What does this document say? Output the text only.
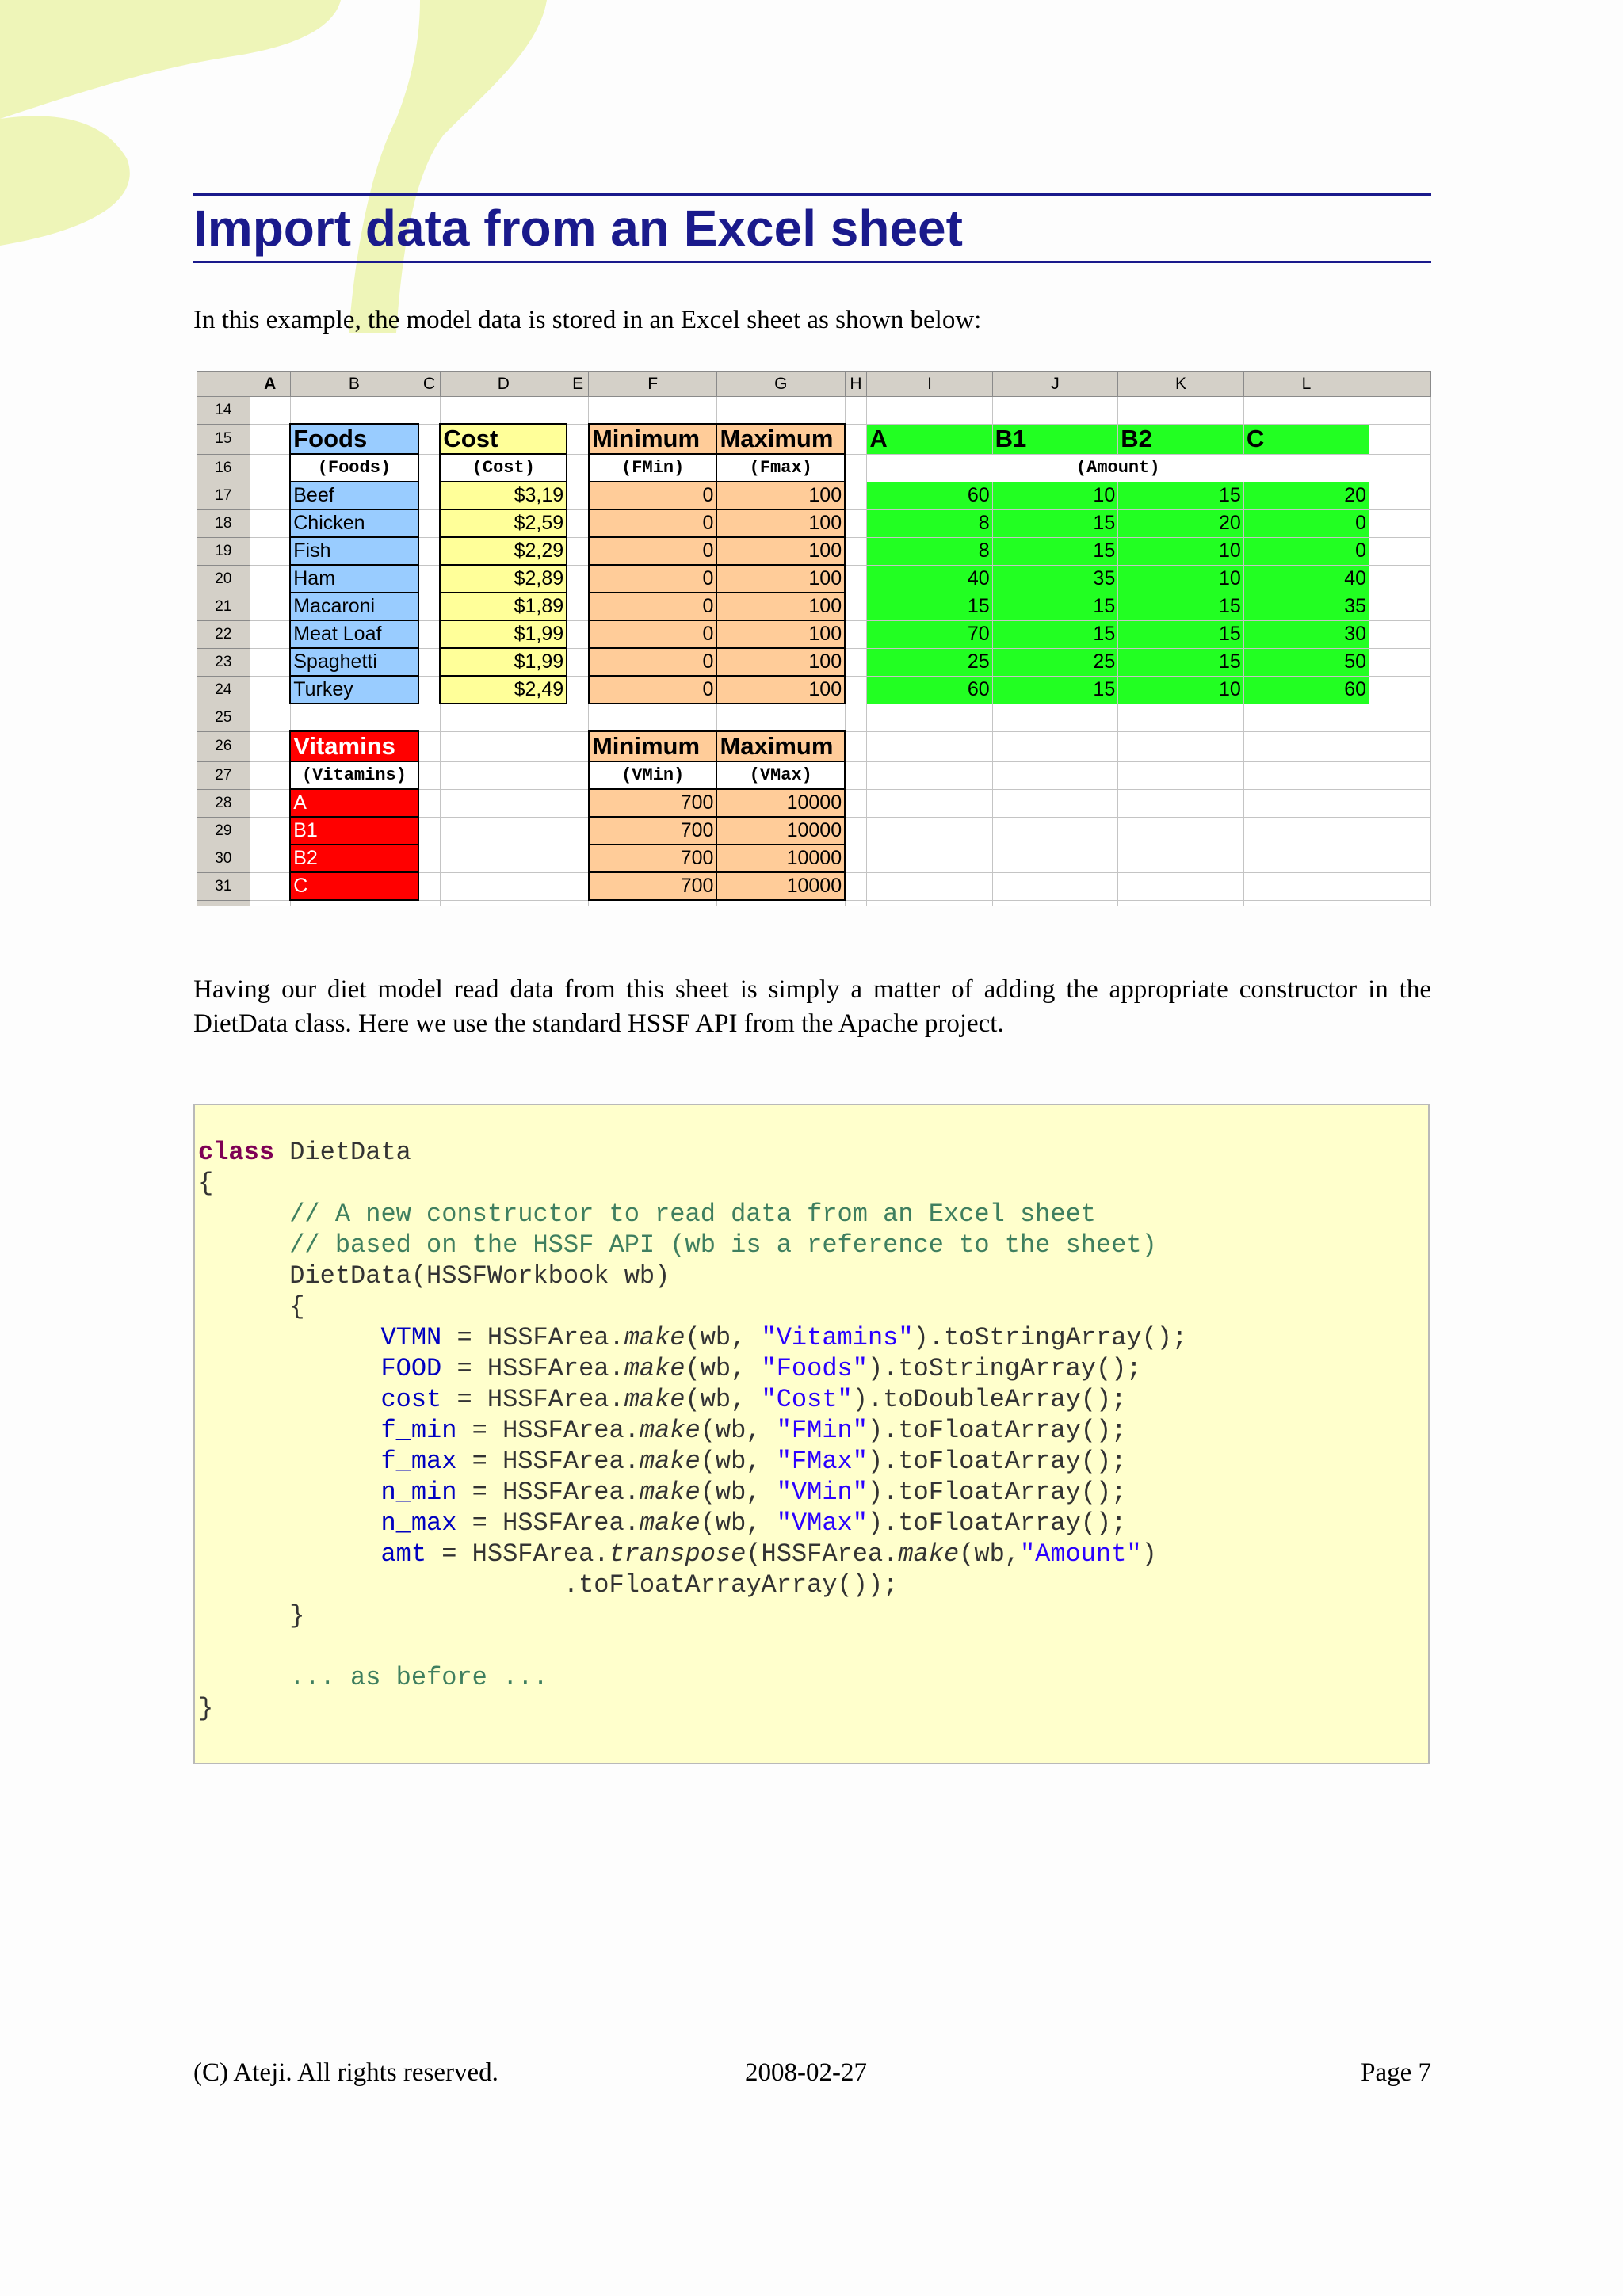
Import data from an Excel sheet

In this example, the model data is stored in an Excel sheet as shown below:

	A	B	C	D	E	F	G	H	I	J	K	L	
14													
15		Foods		Cost		Minimum	Maximum		A	B1	B2	C	
16		(Foods)		(Cost)		(FMin)	(Fmax)		(Amount)				
17		Beef		$3,19		0	100		60	10	15	20	
18		Chicken		$2,59		0	100		8	15	20	0	
19		Fish		$2,29		0	100		8	15	10	0	
20		Ham		$2,89		0	100		40	35	10	40	
21		Macaroni		$1,89		0	100		15	15	15	35	
22		Meat Loaf		$1,99		0	100		70	15	15	30	
23		Spaghetti		$1,99		0	100		25	25	15	50	
24		Turkey		$2,49		0	100		60	15	10	60	
25													
26		Vitamins				Minimum	Maximum						
27		(Vitamins)				(VMin)	(VMax)						
28		A				700	10000						
29		B1				700	10000						
30		B2				700	10000						
31		C				700	10000						

Having our diet model read data from this sheet is simply a matter of adding the appropriate constructor in the DietData class. Here we use the standard HSSF API from the Apache project.

class DietData
{
// A new constructor to read data from an Excel sheet
// based on the HSSF API (wb is a reference to the sheet)
DietData(HSSFWorkbook wb)
{
VTMN = HSSFArea.make(wb, "Vitamins").toStringArray();
FOOD = HSSFArea.make(wb, "Foods").toStringArray();
cost = HSSFArea.make(wb, "Cost").toDoubleArray();
f_min = HSSFArea.make(wb, "FMin").toFloatArray();
f_max = HSSFArea.make(wb, "FMax").toFloatArray();
n_min = HSSFArea.make(wb, "VMin").toFloatArray();
n_max = HSSFArea.make(wb, "VMax").toFloatArray();
amt = HSSFArea.transpose(HSSFArea.make(wb,"Amount")
.toFloatArrayArray());
}

... as before ...
}
(C) Ateji. All rights reserved.	2008-02-27	Page 7
